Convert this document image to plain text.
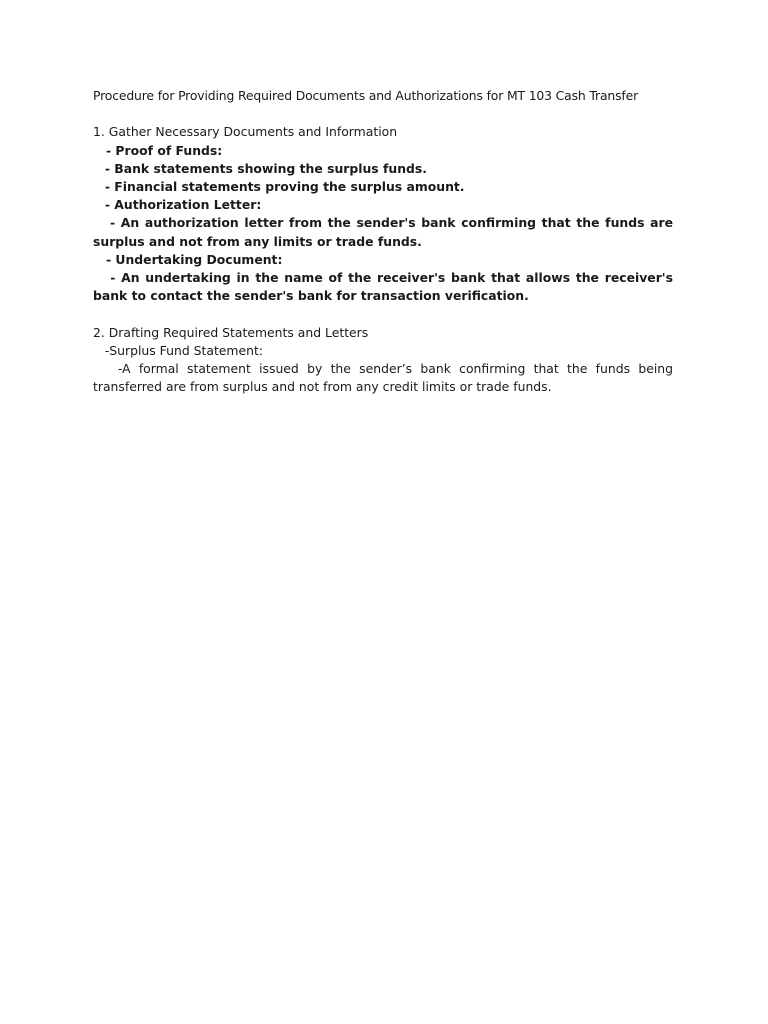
Procedure for Providing Required Documents and Authorizations for MT 103 Cash Transfer
1. Gather Necessary Documents and Information
- Proof of Funds:
- Bank statements showing the surplus funds.
- Financial statements proving the surplus amount.
- Authorization Letter:
- An authorization letter from the sender's bank confirming that the funds are surplus and not from any limits or trade funds.
- Undertaking Document:
- An undertaking in the name of the receiver's bank that allows the receiver's bank to contact the sender's bank for transaction verification.
2. Drafting Required Statements and Letters
-Surplus Fund Statement:
-A formal statement issued by the sender’s bank confirming that the funds being transferred are from surplus and not from any credit limits or trade funds.
